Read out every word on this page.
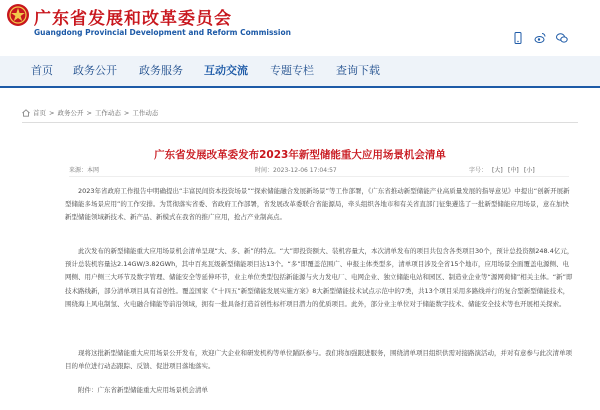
广东省发展和改革委员会
Guangdong Provincial Development and Reform Commission
首页 政务公开 政务服务 互动交流 专题专栏 查询下载
首页 > 政务公开 > 工作动态 > 工作动态
广东省发展改革委发布2023年新型储能重大应用场景机会清单
来源：本网	时间：2023-12-06 17:04:57	字号： [大] [中] [小]

2023年省政府工作报告中明确提出“丰富民间资本投资场景”“探索储能融合发展新场景”等工作部署，《广东省推动新型储能产业高质量发展的指导意见》中提出“创新开展新型储能多场景应用”的工作安排。为贯彻落实省委、省政府工作部署，省发展改革委联合省能源局，牵头组织各地市和有关省直部门征集遴选了一批新型储能应用场景，意在加快新型储能领域新技术、新产品、新模式在我省的推广应用，抢占产业制高点。

此次发布的新型储能重大应用场景机会清单呈现“大、多、新”的特点。“大”即投资额大、装机容量大，本次清单发布的项目共包含各类项目30个，预计总投资额248.4亿元，预计总装机容量达2.14GW/3.82GWh，其中百兆瓦级新型储能项目达13个。“多”即覆盖范围广、申报主体类型多，清单项目涉及全省15个地市，应用场景全面覆盖电源侧、电网侧、用户侧三大环节及数字管理、储能安全等延伸环节，业主单位类型包括新能源与火力发电厂、电网企业、独立储能电站和园区、制造业企业等“源网荷储”相关主体。“新”即技术路线新，部分清单项目具有首创性。覆盖国家《“十四五”新型储能发展实施方案》8大新型储能技术试点示范中的7类，共13个项目采用多路线并行的复合型新型储能技术，围绕海上风电制氢、火电融合储能等前沿领域，拥有一批具备打造首创性标杆项目潜力的优质项目。此外，部分业主单位对于储能数字技术、储能安全技术等也开展相关探索。

现将这批新型储能重大应用场景公开发布，欢迎广大企业和研发机构等单位踊跃参与。我们将加强跟进服务，围绕清单项目组织供需对接路演活动，并对有意参与此次清单项目的单位进行动态跟踪、反馈、促进项目落地落实。

附件：广东省新型储能重大应用场景机会清单
